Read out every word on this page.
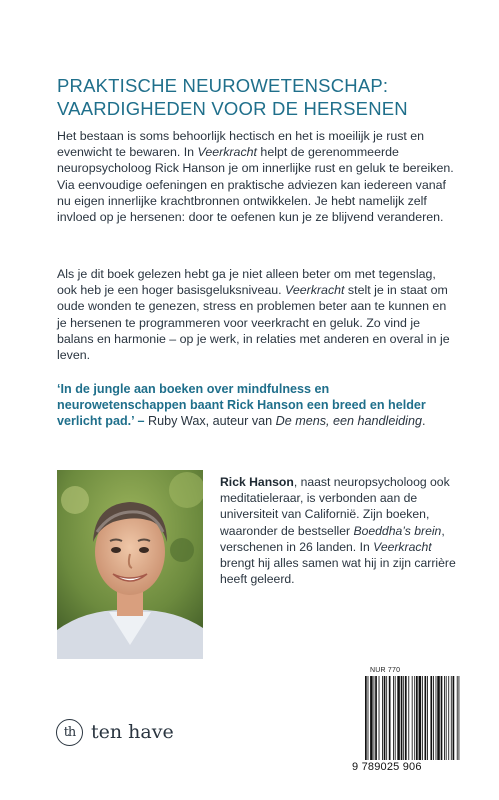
PRAKTISCHE NEUROWETENSCHAP:
VAARDIGHEDEN VOOR DE HERSENEN

Het bestaan is soms behoorlijk hectisch en het is moeilijk je rust en evenwicht te bewaren. In Veerkracht helpt de gerenommeerde neuropsycholoog Rick Hanson je om innerlijke rust en geluk te bereiken. Via eenvoudige oefeningen en praktische adviezen kan iedereen vanaf nu eigen innerlijke krachtbronnen ontwikkelen. Je hebt namelijk zelf invloed op je hersenen: door te oefenen kun je ze blijvend veranderen.

Als je dit boek gelezen hebt ga je niet alleen beter om met tegenslag, ook heb je een hoger basisgeluksniveau. Veerkracht stelt je in staat om oude wonden te genezen, stress en problemen beter aan te kunnen en je hersenen te programmeren voor veerkracht en geluk. Zo vind je balans en harmonie – op je werk, in relaties met anderen en overal in je leven.

‘In de jungle aan boeken over mindfulness en neurowetenschappen baant Rick Hanson een breed en helder verlicht pad.’ – Ruby Wax, auteur van De mens, een handleiding.
Rick Hanson, naast neuropsycholoog ook meditatieleraar, is verbonden aan de universiteit van Californië. Zijn boeken, waaronder de bestseller Boeddha’s brein, verschenen in 26 landen. In Veerkracht brengt hij alles samen wat hij in zijn carrière heeft geleerd.
th ten have
NUR 770
9 789025 906
